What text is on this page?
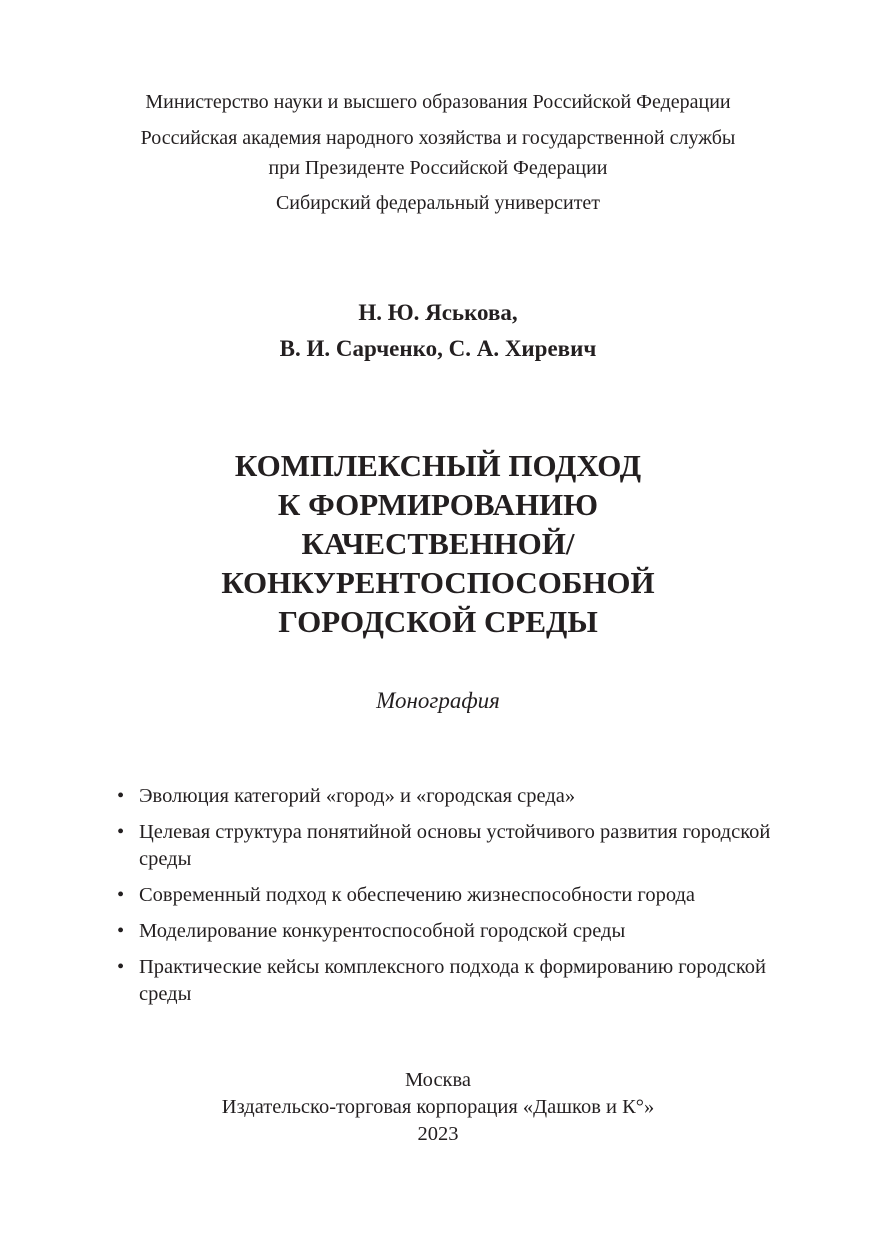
Министерство науки и высшего образования Российской Федерации

Российская академия народного хозяйства и государственной службы

при Президенте Российской Федерации

Сибирский федеральный университет

Н. Ю. Яськова,
В. И. Сарченко, С. А. Хиревич
КОМПЛЕКСНЫЙ ПОДХОД
К ФОРМИРОВАНИЮ
КАЧЕСТВЕННОЙ/
КОНКУРЕНТОСПОСОБНОЙ
ГОРОДСКОЙ СРЕДЫ
Монография
• Эволюция категорий «город» и «городская среда»
• Целевая структура понятийной основы устойчивого развития городской среды
• Современный подход к обеспечению жизнеспособности города
• Моделирование конкурентоспособной городской среды
• Практические кейсы комплексного подхода к формированию городской среды
Москва
Издательско-торговая корпорация «Дашков и К°»
2023
